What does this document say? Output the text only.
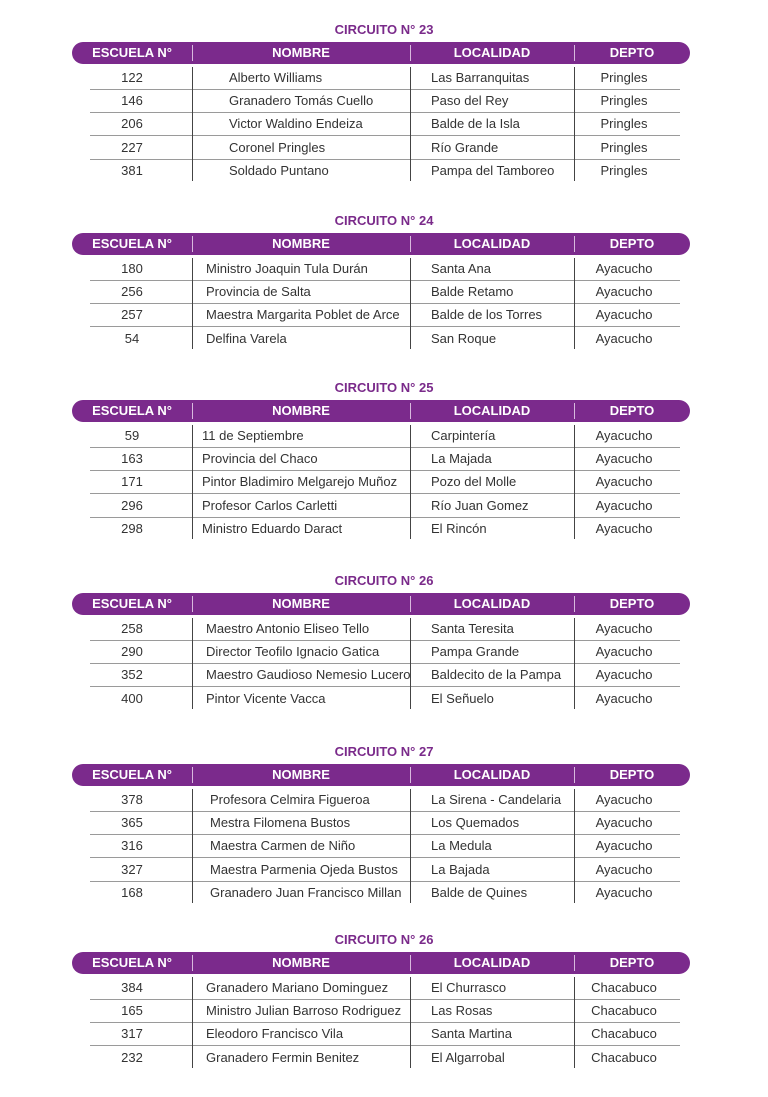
CIRCUITO N° 23
ESCUELA N°	NOMBRE	LOCALIDAD	DEPTO
122	Alberto Williams	Las Barranquitas	Pringles
146	Granadero Tomás Cuello	Paso del Rey	Pringles
206	Victor Waldino Endeiza	Balde de la Isla	Pringles
227	Coronel Pringles	Río Grande	Pringles
381	Soldado Puntano	Pampa del Tamboreo	Pringles
CIRCUITO N° 24
ESCUELA N°	NOMBRE	LOCALIDAD	DEPTO
180	Ministro Joaquin Tula Durán	Santa Ana	Ayacucho
256	Provincia de Salta	Balde Retamo	Ayacucho
257	Maestra Margarita Poblet de Arce	Balde de los Torres	Ayacucho
54	Delfina Varela	San Roque	Ayacucho
CIRCUITO N° 25
ESCUELA N°	NOMBRE	LOCALIDAD	DEPTO
59	11 de Septiembre	Carpintería	Ayacucho
163	Provincia del Chaco	La Majada	Ayacucho
171	Pintor Bladimiro Melgarejo Muñoz	Pozo del Molle	Ayacucho
296	Profesor Carlos Carletti	Río Juan Gomez	Ayacucho
298	Ministro Eduardo Daract	El Rincón	Ayacucho
CIRCUITO N° 26
ESCUELA N°	NOMBRE	LOCALIDAD	DEPTO
258	Maestro Antonio Eliseo Tello	Santa Teresita	Ayacucho
290	Director Teofilo Ignacio Gatica	Pampa Grande	Ayacucho
352	Maestro Gaudioso Nemesio Lucero	Baldecito de la Pampa	Ayacucho
400	Pintor Vicente Vacca	El Señuelo	Ayacucho
CIRCUITO N° 27
ESCUELA N°	NOMBRE	LOCALIDAD	DEPTO
378	Profesora Celmira Figueroa	La Sirena - Candelaria	Ayacucho
365	Mestra Filomena Bustos	Los Quemados	Ayacucho
316	Maestra Carmen de Niño	La Medula	Ayacucho
327	Maestra Parmenia Ojeda Bustos	La Bajada	Ayacucho
168	Granadero Juan Francisco Millan	Balde de Quines	Ayacucho
CIRCUITO N° 26
ESCUELA N°	NOMBRE	LOCALIDAD	DEPTO
384	Granadero Mariano Dominguez	El Churrasco	Chacabuco
165	Ministro Julian Barroso Rodriguez	Las Rosas	Chacabuco
317	Eleodoro Francisco Vila	Santa Martina	Chacabuco
232	Granadero Fermin Benitez	El Algarrobal	Chacabuco
